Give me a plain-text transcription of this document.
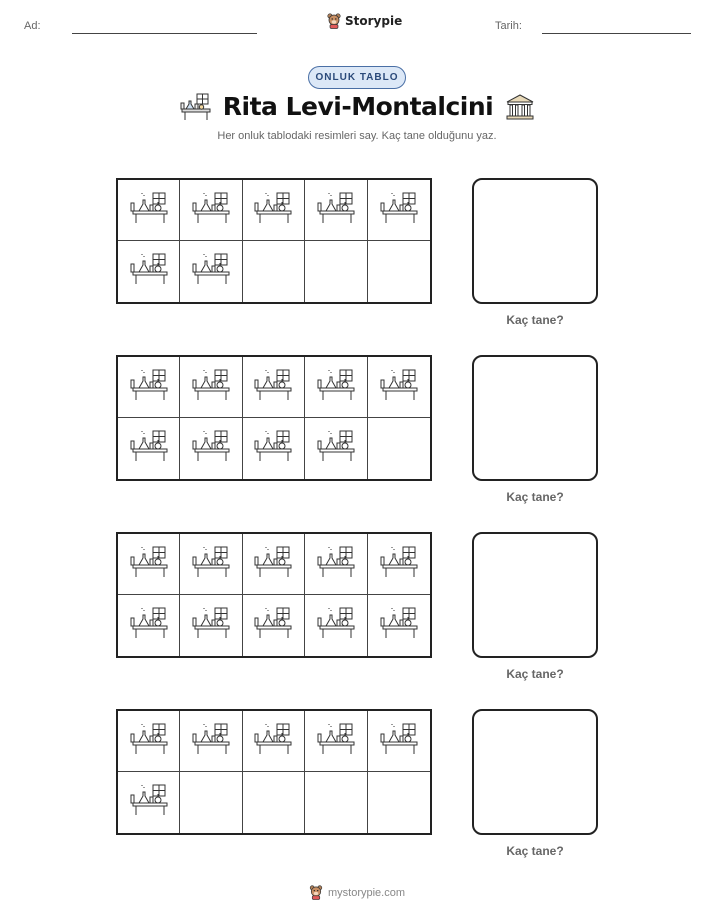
Ad:	Storypie	Tarih:
ONLUK TABLO
Rita Levi-Montalcini
Her onluk tablodaki resimleri say. Kaç tane olduğunu yaz.
Kaç tane?
Kaç tane?
Kaç tane?
Kaç tane?
mystorypie.com
